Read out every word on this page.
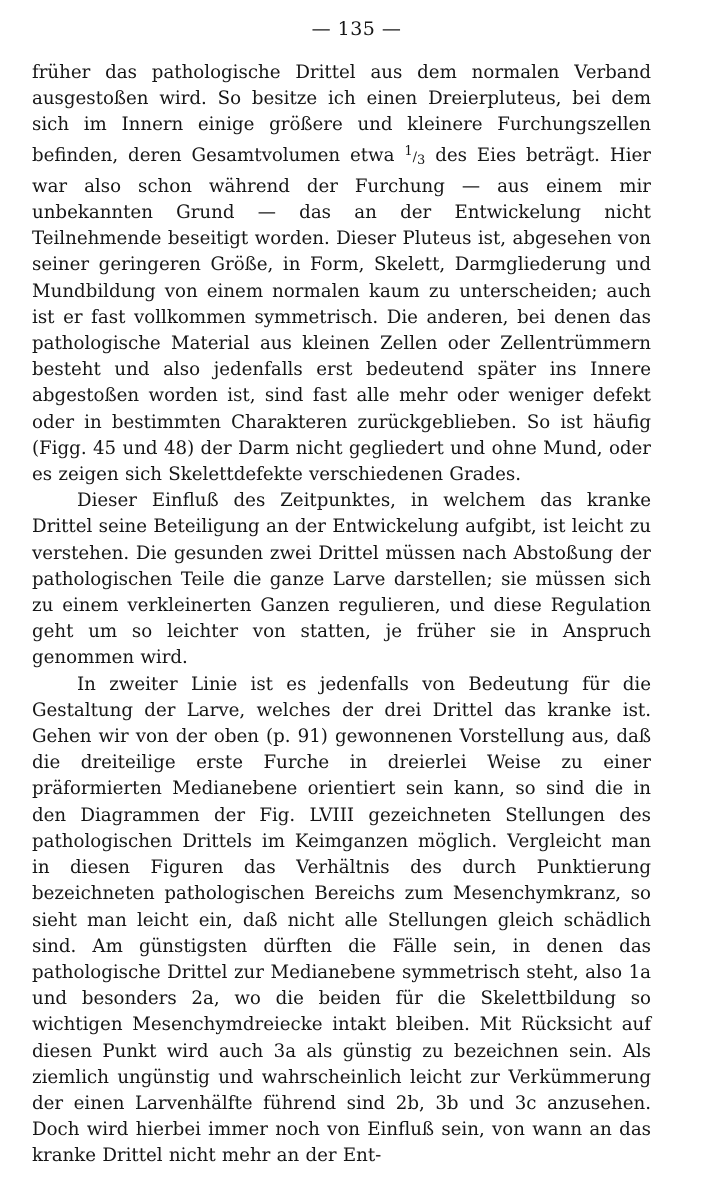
— 135 —

früher das pathologische Drittel aus dem normalen Verband ausgestoßen wird. So besitze ich einen Dreierpluteus, bei dem sich im Innern einige größere und kleinere Furchungszellen befinden, deren Gesamtvolumen etwa 1/3 des Eies beträgt. Hier war also schon während der Furchung — aus einem mir unbekannten Grund — das an der Entwickelung nicht Teilnehmende beseitigt worden. Dieser Pluteus ist, abgesehen von seiner geringeren Größe, in Form, Skelett, Darmgliederung und Mundbildung von einem normalen kaum zu unterscheiden; auch ist er fast vollkommen symmetrisch. Die anderen, bei denen das pathologische Material aus kleinen Zellen oder Zellentrümmern besteht und also jedenfalls erst bedeutend später ins Innere abgestoßen worden ist, sind fast alle mehr oder weniger defekt oder in bestimmten Charakteren zurückgeblieben. So ist häufig (Figg. 45 und 48) der Darm nicht gegliedert und ohne Mund, oder es zeigen sich Skelettdefekte verschiedenen Grades.

Dieser Einfluß des Zeitpunktes, in welchem das kranke Drittel seine Beteiligung an der Entwickelung aufgibt, ist leicht zu verstehen. Die gesunden zwei Drittel müssen nach Abstoßung der pathologischen Teile die ganze Larve darstellen; sie müssen sich zu einem verkleinerten Ganzen regulieren, und diese Regulation geht um so leichter von statten, je früher sie in Anspruch genommen wird.

In zweiter Linie ist es jedenfalls von Bedeutung für die Gestaltung der Larve, welches der drei Drittel das kranke ist. Gehen wir von der oben (p. 91) gewonnenen Vorstellung aus, daß die dreiteilige erste Furche in dreierlei Weise zu einer präformierten Medianebene orientiert sein kann, so sind die in den Diagrammen der Fig. LVIII gezeichneten Stellungen des pathologischen Drittels im Keimganzen möglich. Vergleicht man in diesen Figuren das Verhältnis des durch Punktierung bezeichneten pathologischen Bereichs zum Mesenchymkranz, so sieht man leicht ein, daß nicht alle Stellungen gleich schädlich sind. Am günstigsten dürften die Fälle sein, in denen das pathologische Drittel zur Medianebene symmetrisch steht, also 1a und besonders 2a, wo die beiden für die Skelettbildung so wichtigen Mesenchymdreiecke intakt bleiben. Mit Rücksicht auf diesen Punkt wird auch 3a als günstig zu bezeichnen sein. Als ziemlich ungünstig und wahrscheinlich leicht zur Verkümmerung der einen Larvenhälfte führend sind 2b, 3b und 3c anzusehen. Doch wird hierbei immer noch von Einfluß sein, von wann an das kranke Drittel nicht mehr an der Ent-
